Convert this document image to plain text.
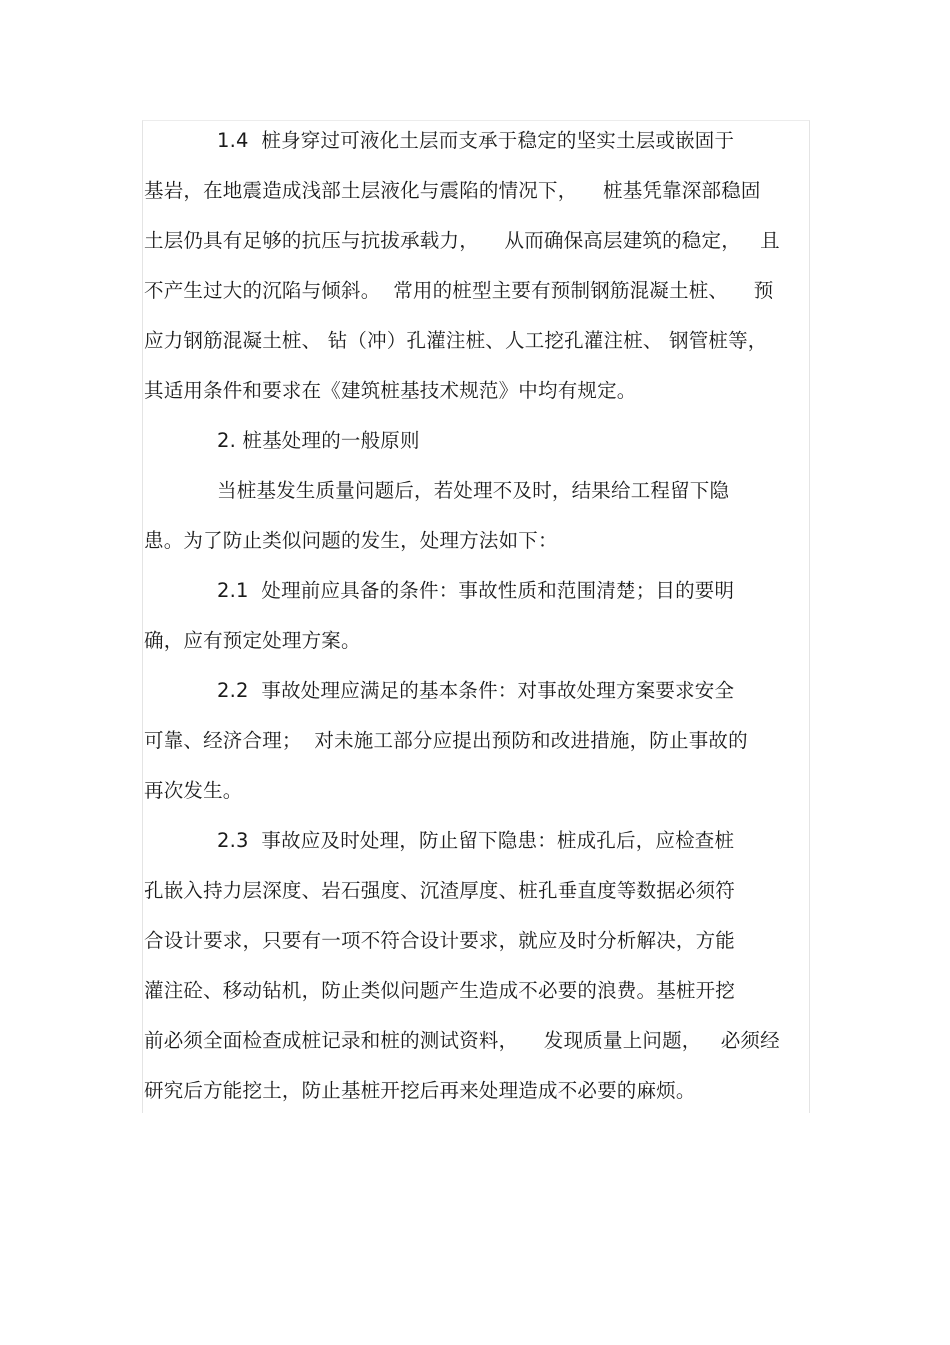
1.4  桩身穿过可液化土层而支承于稳定的坚实土层或嵌固于
基岩，在地震造成浅部土层液化与震陷的情况下，    桩基凭靠深部稳固
土层仍具有足够的抗压与抗拔承载力，    从而确保高层建筑的稳定，   且
不产生过大的沉陷与倾斜。  常用的桩型主要有预制钢筋混凝土桩、    预
应力钢筋混凝土桩、 钻（冲）孔灌注桩、人工挖孔灌注桩、 钢管桩等，
其适用条件和要求在《建筑桩基技术规范》中均有规定。
2. 桩基处理的一般原则
当桩基发生质量问题后，若处理不及时，结果给工程留下隐
患。为了防止类似问题的发生，处理方法如下：
2.1  处理前应具备的条件：事故性质和范围清楚；目的要明
确，应有预定处理方案。
2.2  事故处理应满足的基本条件：对事故处理方案要求安全
可靠、经济合理；  对未施工部分应提出预防和改进措施，防止事故的
再次发生。
2.3  事故应及时处理，防止留下隐患：桩成孔后，应检查桩
孔嵌入持力层深度、岩石强度、沉渣厚度、桩孔垂直度等数据必须符
合设计要求，只要有一项不符合设计要求，就应及时分析解决，方能
灌注砼、移动钻机，防止类似问题产生造成不必要的浪费。基桩开挖
前必须全面检查成桩记录和桩的测试资料，    发现质量上问题，   必须经
研究后方能挖土，防止基桩开挖后再来处理造成不必要的麻烦。
